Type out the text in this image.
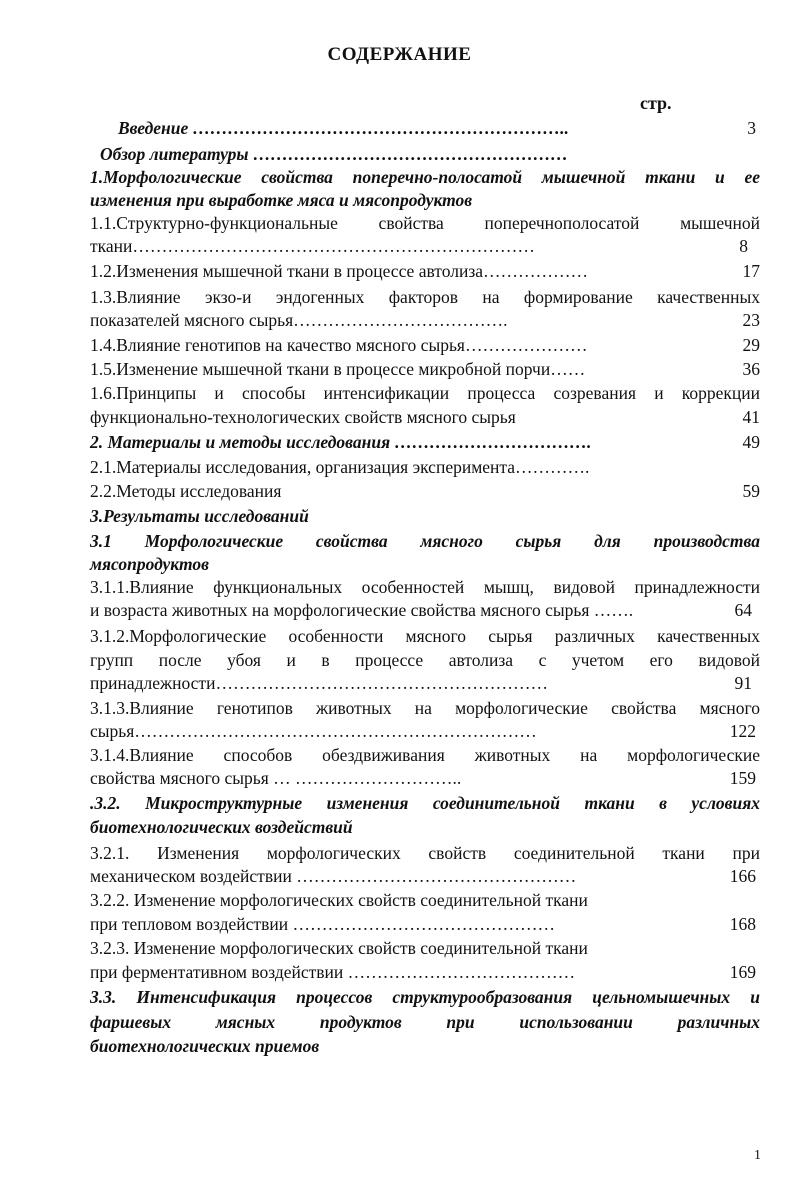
СОДЕРЖАНИЕ
стр.
Введение ………………………………………………………..	3
Обзор литературы ………………………………………………
1.Морфологические свойства поперечно-полосатой мышечной ткани и ее
изменения при выработке мяса и мясопродуктов
1.1.Структурно-функциональные свойства поперечнополосатой мышечной
ткани……………………………………………………………	8
1.2.Изменения мышечной ткани в процессе автолиза………………	17
1.3.Влияние экзо-и эндогенных факторов на формирование качественных
показателей мясного сырья……………………………….	23
1.4.Влияние генотипов на качество мясного сырья…………………	29
1.5.Изменение мышечной ткани в процессе микробной порчи……	36
1.6.Принципы и способы интенсификации процесса созревания и коррекции
функционально-технологических свойств мясного сырья	41
2. Материалы и методы исследования …………………………….	49
2.1.Материалы исследования, организация эксперимента………….
2.2.Методы исследования	59
3.Результаты исследований
3.1 Морфологические свойства мясного сырья для производства
мясопродуктов
3.1.1.Влияние функциональных особенностей мышц, видовой принадлежности
и возраста животных на морфологические свойства мясного сырья …….	64
3.1.2.Морфологические особенности мясного сырья различных качественных
групп после убоя и в процессе автолиза с учетом его видовой
принадлежности…………………………………………………	91
3.1.3.Влияние генотипов животных на морфологические свойства мясного
сырья……………………………………………………………	122
3.1.4.Влияние способов обездвиживания животных на морфологические
свойства мясного сырья … ………………………..	159
.3.2. Микроструктурные изменения соединительной ткани в условиях
биотехнологических воздействий
3.2.1. Изменения морфологических свойств соединительной ткани при
механическом воздействии …………………………………………	166
3.2.2. Изменение морфологических свойств соединительной ткани
при тепловом воздействии ………………………………………	168
3.2.3. Изменение морфологических свойств соединительной ткани
при ферментативном воздействии …………………………………	169
3.3. Интенсификация процессов структурообразования цельномышечных и
фаршевых мясных продуктов при использовании различных
биотехнологических приемов
1
